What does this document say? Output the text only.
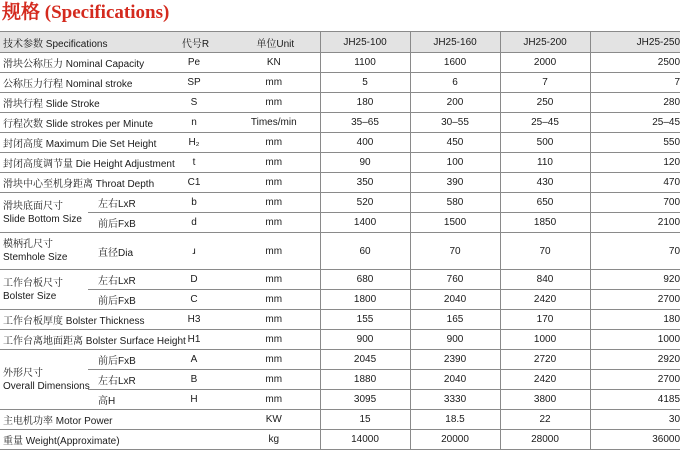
规格 (Specifications)
技术参数 Specifications		代号R	单位Unit	JH25-100	JH25-160	JH25-200	JH25-250
滑块公称压力 Nominal Capacity		Pe	KN	1100	1600	2000	2500
公称压力行程 Nominal stroke		SP	mm	5	6	7	7
滑块行程 Slide Stroke		S	mm	180	200	250	280
行程次数 Slide strokes per Minute		n	Times/min	35–65	30–55	25–45	25–45
封闭高度 Maximum Die Set Height		H₂	mm	400	450	500	550
封闭高度调节量 Die Height Adjustment		t	mm	90	100	110	120
滑块中心至机身距离 Throat Depth		C1	mm	350	390	430	470

滑块底面尺寸
Slide Bottom Size	左右LxR	b	mm	520	580	650	700
	前后FxB	d	mm	1400	1500	1850	2100

模柄孔尺寸
Stemhole Size	直径Dia	ɹ	mm	60	70	70	70

工作台板尺寸
Bolster Size	左右LxR	D	mm	680	760	840	920
	前后FxB	C	mm	1800	2040	2420	2700
工作台板厚度 Bolster Thickness		H3	mm	155	165	170	180
工作台离地面距离 Bolster Surface Height		H1	mm	900	900	1000	1000

外形尺寸
Overall Dimensions	前后FxB	A	mm	2045	2390	2720	2920
	左右LxR	B	mm	1880	2040	2420	2700
	高H	H	mm	3095	3330	3800	4185
主电机功率 Motor Power			KW	15	18.5	22	30
重量 Weight(Approximate)			kg	14000	20000	28000	36000
